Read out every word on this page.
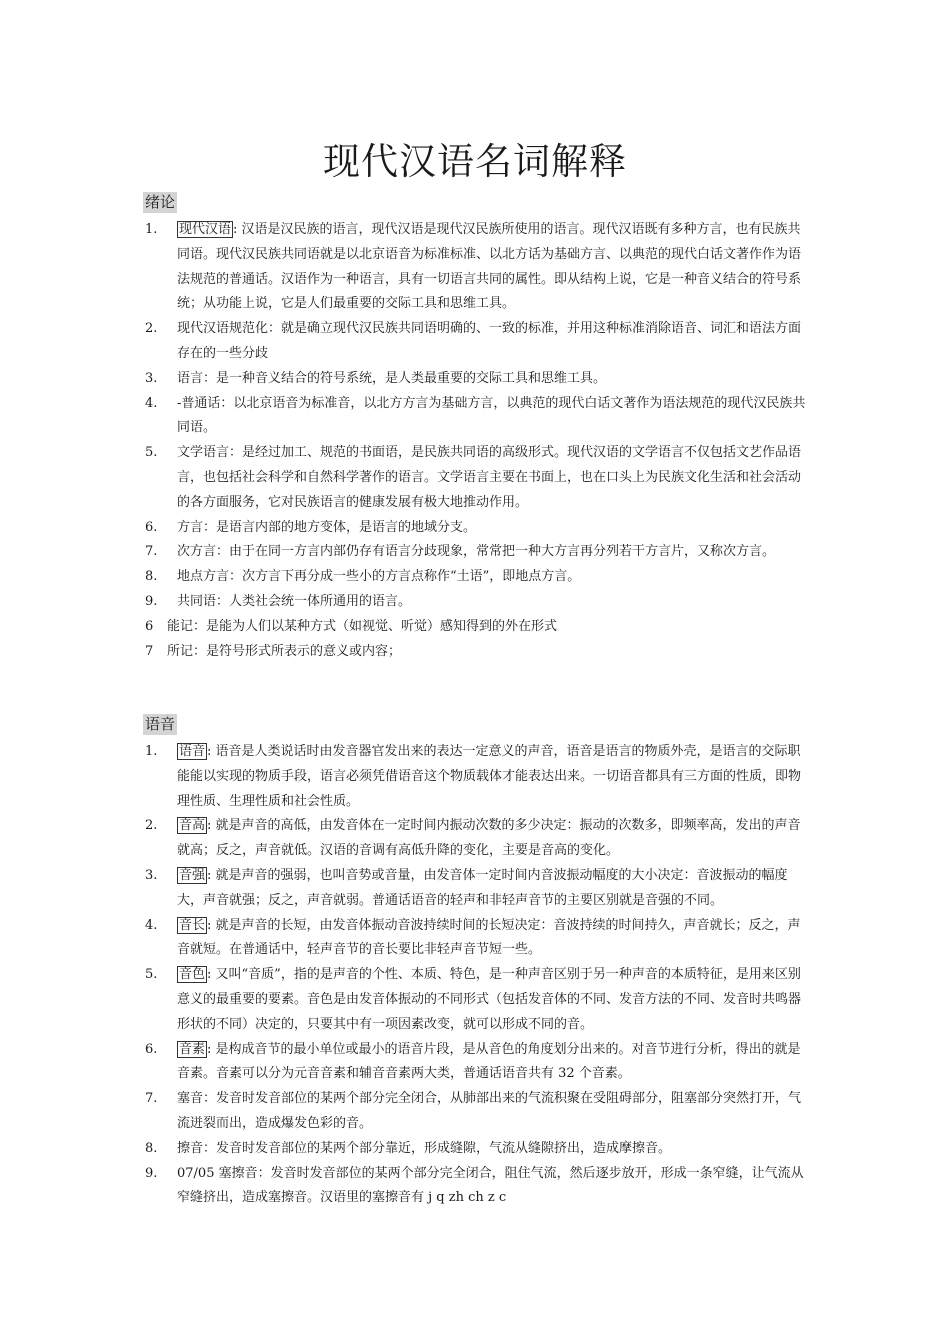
现代汉语名词解释
绪论
1. 现代汉语 : 汉语是汉民族的语言，现代汉语是现代汉民族所使用的语言。现代汉语既有多种方言，也有民族共同语。现代汉民族共同语就是以北京语音为标准标准、以北方话为基础方言、以典范的现代白话文著作作为语法规范的普通话。汉语作为一种语言，具有一切语言共同的属性。即从结构上说，它是一种音义结合的符号系统；从功能上说，它是人们最重要的交际工具和思维工具。
2. 现代汉语规范化：就是确立现代汉民族共同语明确的、一致的标准，并用这种标准消除语音、词汇和语法方面存在的一些分歧
3. 语言：是一种音义结合的符号系统，是人类最重要的交际工具和思维工具。
4. -普通话：以北京语音为标准音，以北方方言为基础方言，以典范的现代白话文著作为语法规范的现代汉民族共同语。
5. 文学语言：是经过加工、规范的书面语，是民族共同语的高级形式。现代汉语的文学语言不仅包括文艺作品语言，也包括社会科学和自然科学著作的语言。文学语言主要在书面上，也在口头上为民族文化生活和社会活动的各方面服务，它对民族语言的健康发展有极大地推动作用。
6. 方言：是语言内部的地方变体，是语言的地域分支。
7. 次方言：由于在同一方言内部仍存有语言分歧现象，常常把一种大方言再分列若干方言片，又称次方言。
8. 地点方言：次方言下再分成一些小的方言点称作“土语”，即地点方言。
9. 共同语：人类社会统一体所通用的语言。
6 能记：是能为人们以某种方式（如视觉、听觉）感知得到的外在形式
7 所记：是符号形式所表示的意义或内容；
语音
1. 语音 : 语音是人类说话时由发音器官发出来的表达一定意义的声音，语音是语言的物质外壳，是语言的交际职能能以实现的物质手段，语言必须凭借语音这个物质载体才能表达出来。一切语音都具有三方面的性质，即物理性质、生理性质和社会性质。
2. 音高 : 就是声音的高低，由发音体在一定时间内振动次数的多少决定：振动的次数多，即频率高，发出的声音就高；反之，声音就低。汉语的音调有高低升降的变化，主要是音高的变化。
3. 音强 : 就是声音的强弱，也叫音势或音量，由发音体一定时间内音波振动幅度的大小决定：音波振动的幅度大，声音就强；反之，声音就弱。普通话语音的轻声和非轻声音节的主要区别就是音强的不同。
4. 音长 : 就是声音的长短，由发音体振动音波持续时间的长短决定：音波持续的时间持久，声音就长；反之，声音就短。在普通话中，轻声音节的音长要比非轻声音节短一些。
5. 音色 : 又叫“音质”，指的是声音的个性、本质、特色，是一种声音区别于另一种声音的本质特征，是用来区别意义的最重要的要素。音色是由发音体振动的不同形式（包括发音体的不同、发音方法的不同、发音时共鸣器形状的不同）决定的，只要其中有一项因素改变，就可以形成不同的音。
6. 音素 : 是构成音节的最小单位或最小的语音片段，是从音色的角度划分出来的。对音节进行分析，得出的就是音素。音素可以分为元音音素和辅音音素两大类，普通话语音共有 32 个音素。
7. 塞音：发音时发音部位的某两个部分完全闭合，从肺部出来的气流积聚在受阻碍部分，阻塞部分突然打开，气流迸裂而出，造成爆发色彩的音。
8. 擦音：发音时发音部位的某两个部分靠近，形成缝隙，气流从缝隙挤出，造成摩擦音。
9. 07/05 塞擦音：发音时发音部位的某两个部分完全闭合，阻住气流，然后逐步放开，形成一条窄缝，让气流从窄缝挤出，造成塞擦音。汉语里的塞擦音有 j q zh ch z c
